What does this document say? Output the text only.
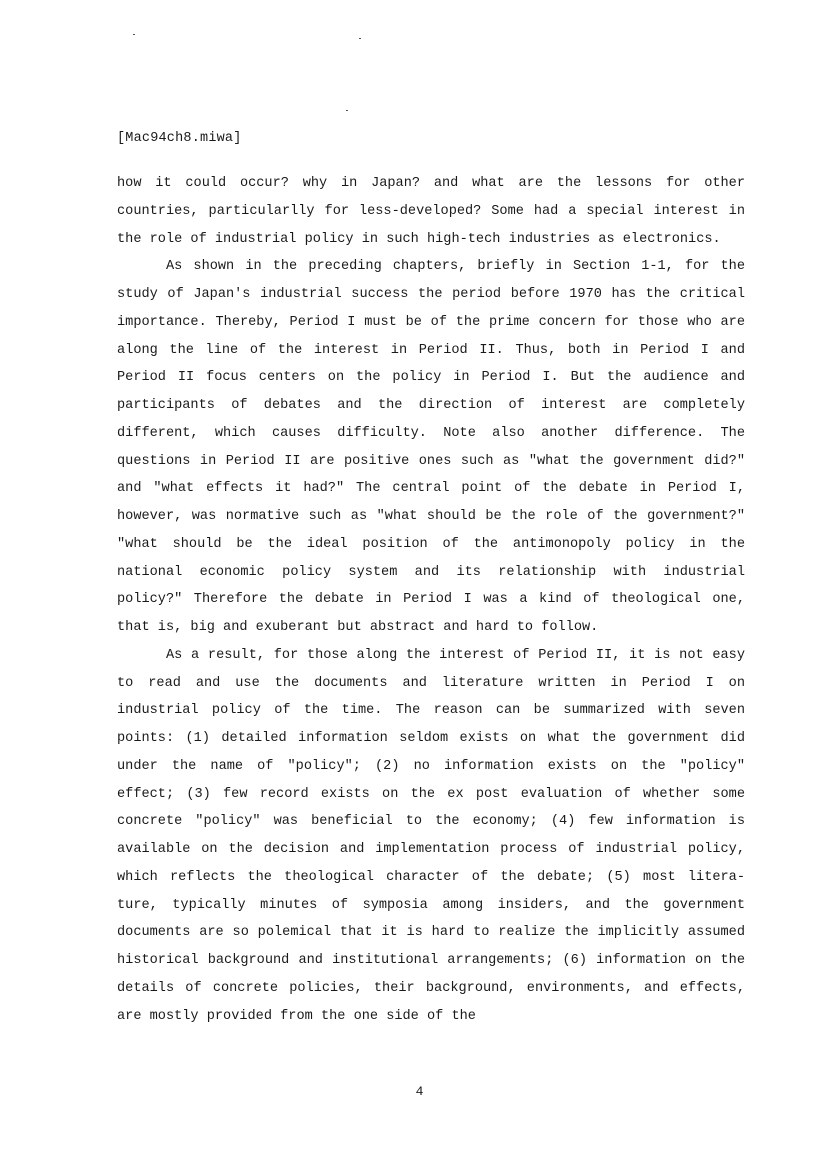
[Mac94ch8.miwa]

how it could occur? why in Japan? and what are the lessons for other countries, particularlly for less-developed? Some had a special interest in the role of industrial policy in such high-tech industries as electronics.

As shown in the preceding chapters, briefly in Section 1-1, for the study of Japan's industrial success the period before 1970 has the critical importance. Thereby, Period I must be of the prime concern for those who are along the line of the interest in Period II. Thus, both in Period I and Period II focus centers on the policy in Period I. But the audience and participants of debates and the direction of interest are completely different, which causes difficulty. Note also another difference. The questions in Period II are positive ones such as "what the government did?" and "what effects it had?" The central point of the debate in Period I, however, was normative such as "what should be the role of the government?" "what should be the ideal position of the antimonopoly policy in the national economic policy system and its relationship with industrial policy?" Therefore the debate in Period I was a kind of theological one, that is, big and exuberant but abstract and hard to follow.

As a result, for those along the interest of Period II, it is not easy to read and use the documents and literature written in Period I on industrial policy of the time. The reason can be summarized with seven points: (1) detailed information seldom exists on what the government did under the name of "policy"; (2) no information exists on the "policy" effect; (3) few record exists on the ex post evaluation of whether some concrete "policy" was beneficial to the economy; (4) few information is available on the decision and implementation process of industrial policy, which reflects the theological character of the debate; (5) most litera-ture, typically minutes of symposia among insiders, and the government documents are so polemical that it is hard to realize the implicitly assumed historical background and institutional arrangements; (6) information on the details of concrete policies, their background, environments, and effects, are mostly provided from the one side of the

4
